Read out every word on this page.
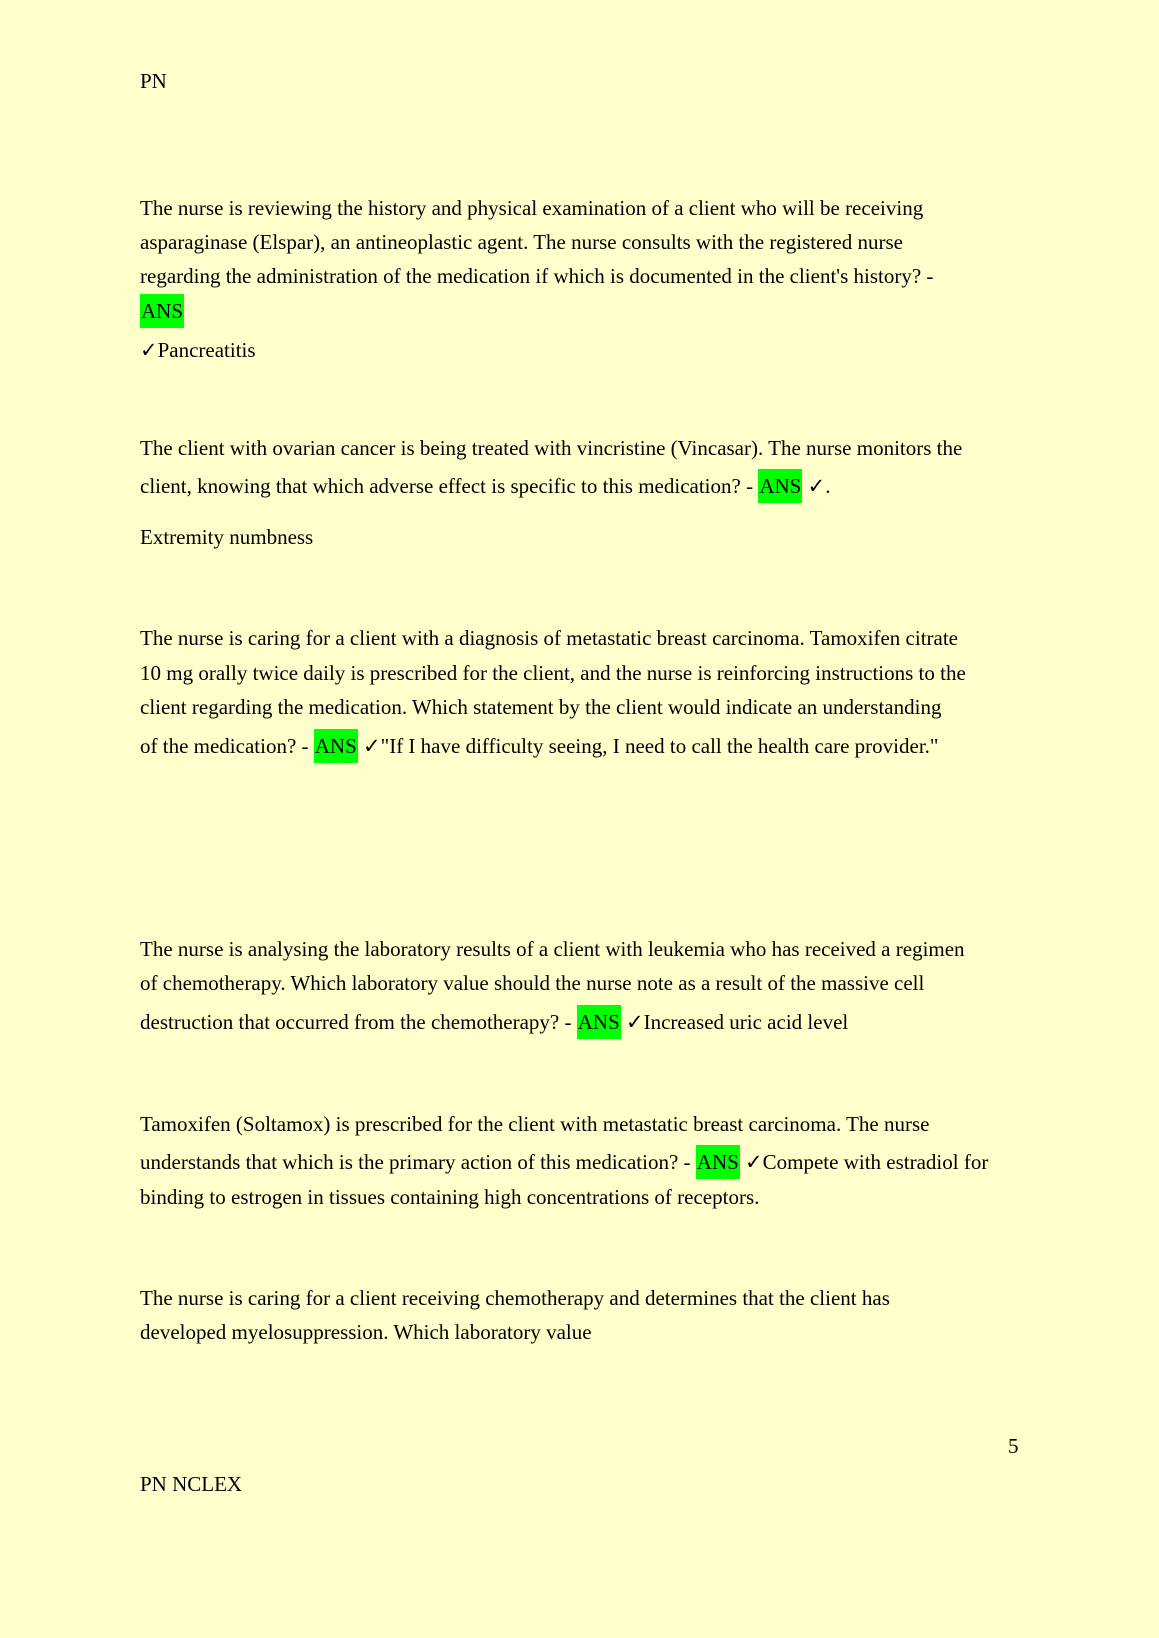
PN
The nurse is reviewing the history and physical examination of a client who will be receiving
asparaginase (Elspar), an antineoplastic agent. The nurse consults with the registered nurse
regarding the administration of the medication if which is documented in the client's history? -
ANS
✓Pancreatitis
The client with ovarian cancer is being treated with vincristine (Vincasar). The nurse monitors the
client, knowing that which adverse effect is specific to this medication? - ANS ✓.
Extremity numbness
The nurse is caring for a client with a diagnosis of metastatic breast carcinoma. Tamoxifen citrate
10 mg orally twice daily is prescribed for the client, and the nurse is reinforcing instructions to the
client regarding the medication. Which statement by the client would indicate an understanding
of the medication? - ANS ✓"If I have difficulty seeing, I need to call the health care provider."
The nurse is analysing the laboratory results of a client with leukemia who has received a regimen
of chemotherapy. Which laboratory value should the nurse note as a result of the massive cell
destruction that occurred from the chemotherapy? - ANS ✓Increased uric acid level
Tamoxifen (Soltamox) is prescribed for the client with metastatic breast carcinoma. The nurse
understands that which is the primary action of this medication? - ANS ✓Compete with estradiol for
binding to estrogen in tissues containing high concentrations of receptors.
The nurse is caring for a client receiving chemotherapy and determines that the client has
developed myelosuppression. Which laboratory value
5
PN NCLEX
